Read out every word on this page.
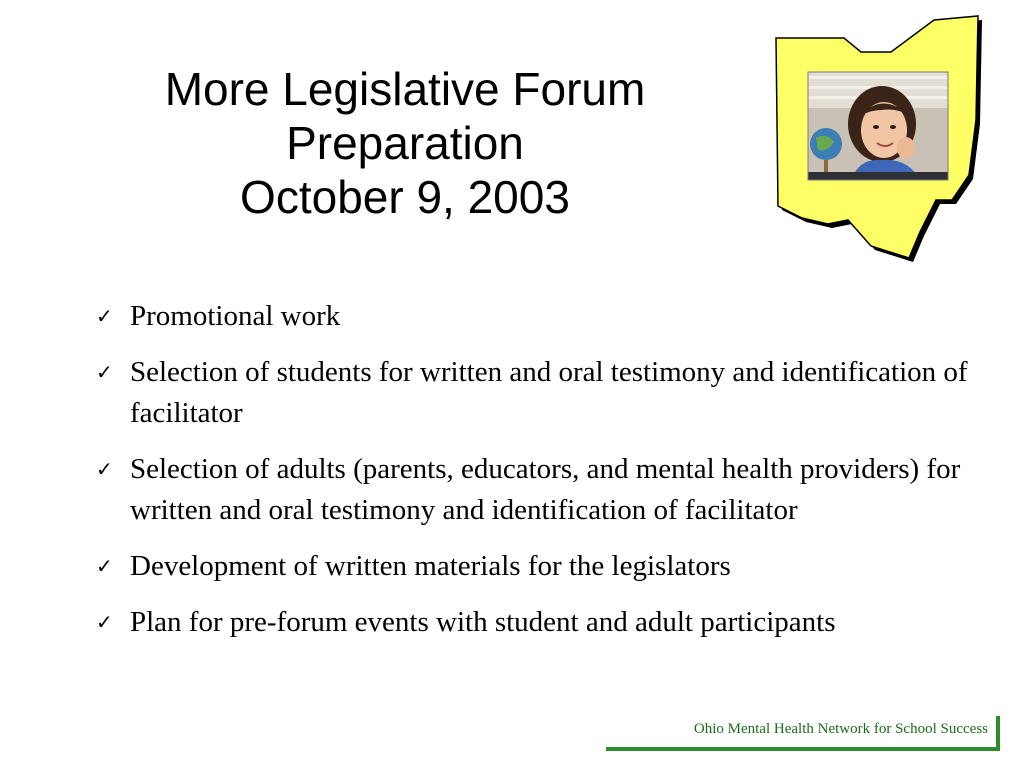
More Legislative Forum
Preparation
October 9, 2003
✓ Promotional work
✓ Selection of students for written and oral testimony and identification of facilitator
✓ Selection of adults (parents, educators, and mental health providers) for written and oral testimony and identification of facilitator
✓ Development of written materials for the legislators
✓ Plan for pre-forum events with student and adult participants
Ohio Mental Health Network for School Success
